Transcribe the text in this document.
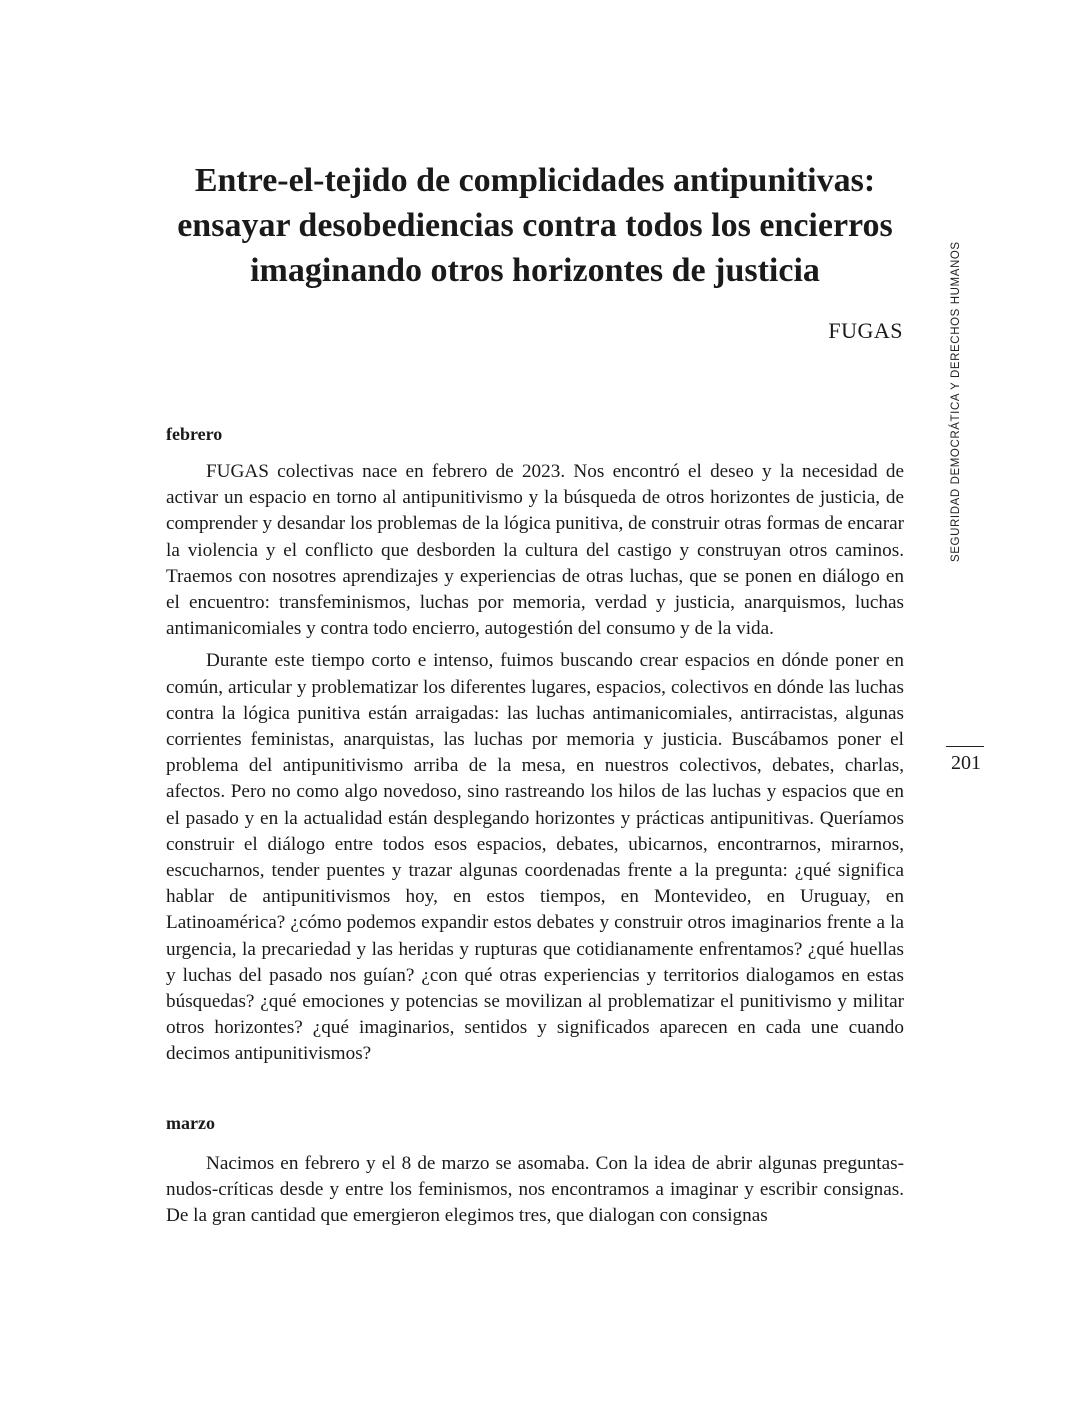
Entre-el-tejido de complicidades antipunitivas:
ensayar desobediencias contra todos los encierros
imaginando otros horizontes de justicia
FUGAS
febrero

FUGAS colectivas nace en febrero de 2023. Nos encontró el deseo y la necesidad de activar un espacio en torno al antipunitivismo y la búsqueda de otros horizontes de justicia, de comprender y desandar los problemas de la lógica punitiva, de construir otras formas de encarar la violencia y el conflicto que desborden la cultura del castigo y construyan otros caminos. Traemos con nosotres aprendizajes y experiencias de otras luchas, que se ponen en diálogo en el encuentro: transfeminismos, luchas por memoria, verdad y justicia, anarquismos, luchas antimanicomiales y contra todo encierro, autogestión del consumo y de la vida.

Durante este tiempo corto e intenso, fuimos buscando crear espacios en dónde poner en común, articular y problematizar los diferentes lugares, espacios, colectivos en dónde las luchas contra la lógica punitiva están arraigadas: las luchas antimanicomiales, antirracistas, algunas corrientes feministas, anarquistas, las luchas por memoria y justicia. Buscábamos poner el problema del antipunitivismo arriba de la mesa, en nuestros colectivos, debates, charlas, afectos. Pero no como algo novedoso, sino rastreando los hilos de las luchas y espacios que en el pasado y en la actualidad están desplegando horizontes y prácticas antipunitivas. Queríamos construir el diálogo entre todos esos espacios, debates, ubicarnos, encontrarnos, mirarnos, escucharnos, tender puentes y trazar algunas coordenadas frente a la pregunta: ¿qué significa hablar de antipunitivismos hoy, en estos tiempos, en Montevideo, en Uruguay, en Latinoamérica? ¿cómo podemos expandir estos debates y construir otros imaginarios frente a la urgencia, la precariedad y las heridas y rupturas que cotidianamente enfrentamos? ¿qué huellas y luchas del pasado nos guían? ¿con qué otras experiencias y territorios dialogamos en estas búsquedas? ¿qué emociones y potencias se movilizan al problematizar el punitivismo y militar otros horizontes? ¿qué imaginarios, sentidos y significados aparecen en cada une cuando decimos antipunitivismos?

marzo

Nacimos en febrero y el 8 de marzo se asomaba. Con la idea de abrir algunas preguntas-nudos-críticas desde y entre los feminismos, nos encontramos a imaginar y escribir consignas. De la gran cantidad que emergieron elegimos tres, que dialogan con consignas

SEGURIDAD DEMOCRÁTICA Y DERECHOS HUMANOS
201
